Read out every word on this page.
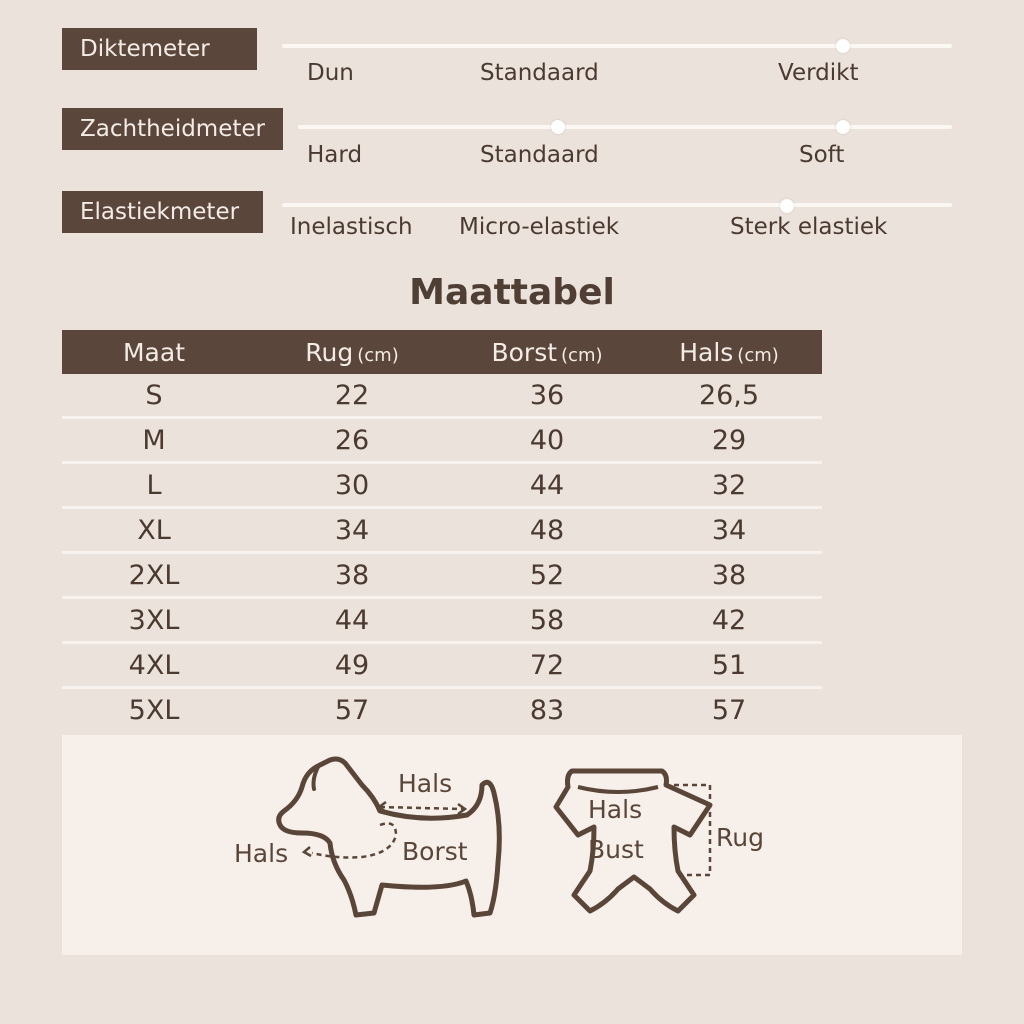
Diktemeter
Dun	Standaard	Verdikt
Zachtheidmeter
Hard	Standaard	Soft
Elastiekmeter
Inelastisch Micro-elastiek	Sterk elastiek
Maattabel
Maat	Rug (cm)	Borst (cm)	Hals (cm)
S	22	36	26,5
M	26	40	29
L	30	44	32
XL	34	48	34
2XL	38	52	38
3XL	44	58	42
4XL	49	72	51
5XL	57	83	57
Hals
Hals	Borst
Hals
Bust	Rug
